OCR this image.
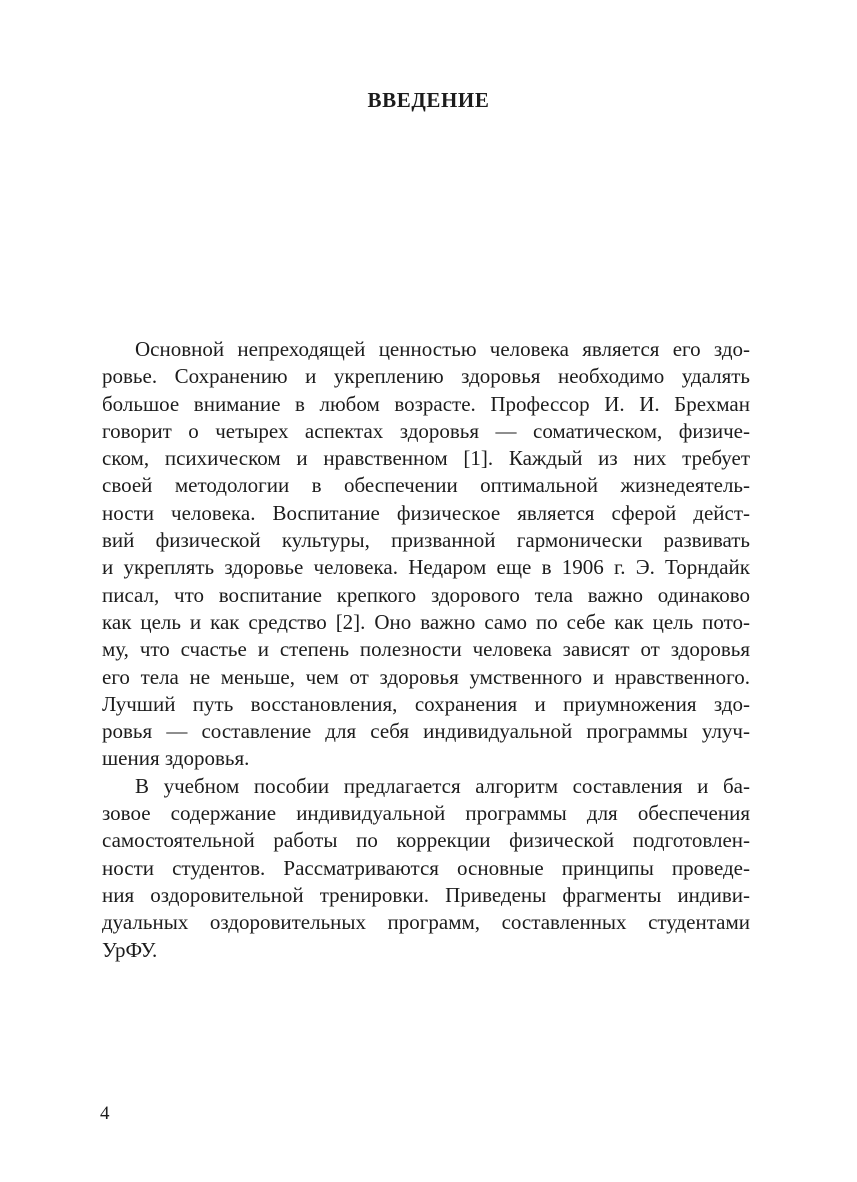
ВВЕДЕНИЕ

Основной непреходящей ценностью человека является его здо-
ровье. Сохранению и укреплению здоровья необходимо удалять
большое внимание в любом возрасте. Профессор И. И. Брехман
говорит о четырех аспектах здоровья — соматическом, физиче-
ском, психическом и нравственном [1]. Каждый из них требует
своей методологии в обеспечении оптимальной жизнедеятель-
ности человека. Воспитание физическое является сферой дейст-
вий физической культуры, призванной гармонически развивать
и укреплять здоровье человека. Недаром еще в 1906 г. Э. Торндайк
писал, что воспитание крепкого здорового тела важно одинаково
как цель и как средство [2]. Оно важно само по себе как цель пото-
му, что счастье и степень полезности человека зависят от здоровья
его тела не меньше, чем от здоровья умственного и нравственного.
Лучший путь восстановления, сохранения и приумножения здо-
ровья — составление для себя индивидуальной программы улуч-
шения здоровья.

В учебном пособии предлагается алгоритм составления и ба-
зовое содержание индивидуальной программы для обеспечения
самостоятельной работы по коррекции физической подготовлен-
ности студентов. Рассматриваются основные принципы проведе-
ния оздоровительной тренировки. Приведены фрагменты индиви-
дуальных оздоровительных программ, составленных студентами
УрФУ.

4
